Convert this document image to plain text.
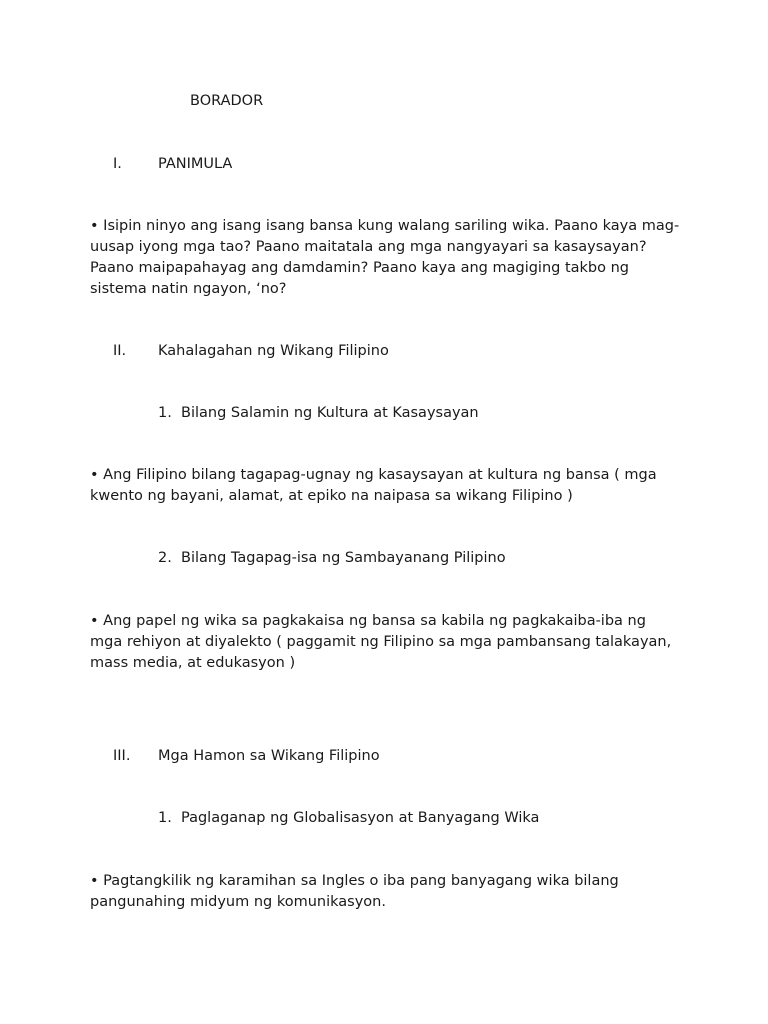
BORADOR
I. PANIMULA
• Isipin ninyo ang isang isang bansa kung walang sariling wika. Paano kaya mag-uusap iyong mga tao? Paano maitatala ang mga nangyayari sa kasaysayan? Paano maipapahayag ang damdamin? Paano kaya ang magiging takbo ng sistema natin ngayon, ‘no?
II. Kahalagahan ng Wikang Filipino
1. Bilang Salamin ng Kultura at Kasaysayan
• Ang Filipino bilang tagapag-ugnay ng kasaysayan at kultura ng bansa ( mga kwento ng bayani, alamat, at epiko na naipasa sa wikang Filipino )
2. Bilang Tagapag-isa ng Sambayanang Pilipino
• Ang papel ng wika sa pagkakaisa ng bansa sa kabila ng pagkakaiba-iba ng mga rehiyon at diyalekto ( paggamit ng Filipino sa mga pambansang talakayan, mass media, at edukasyon )
III. Mga Hamon sa Wikang Filipino
1. Paglaganap ng Globalisasyon at Banyagang Wika
• Pagtangkilik ng karamihan sa Ingles o iba pang banyagang wika bilang pangunahing midyum ng komunikasyon.
